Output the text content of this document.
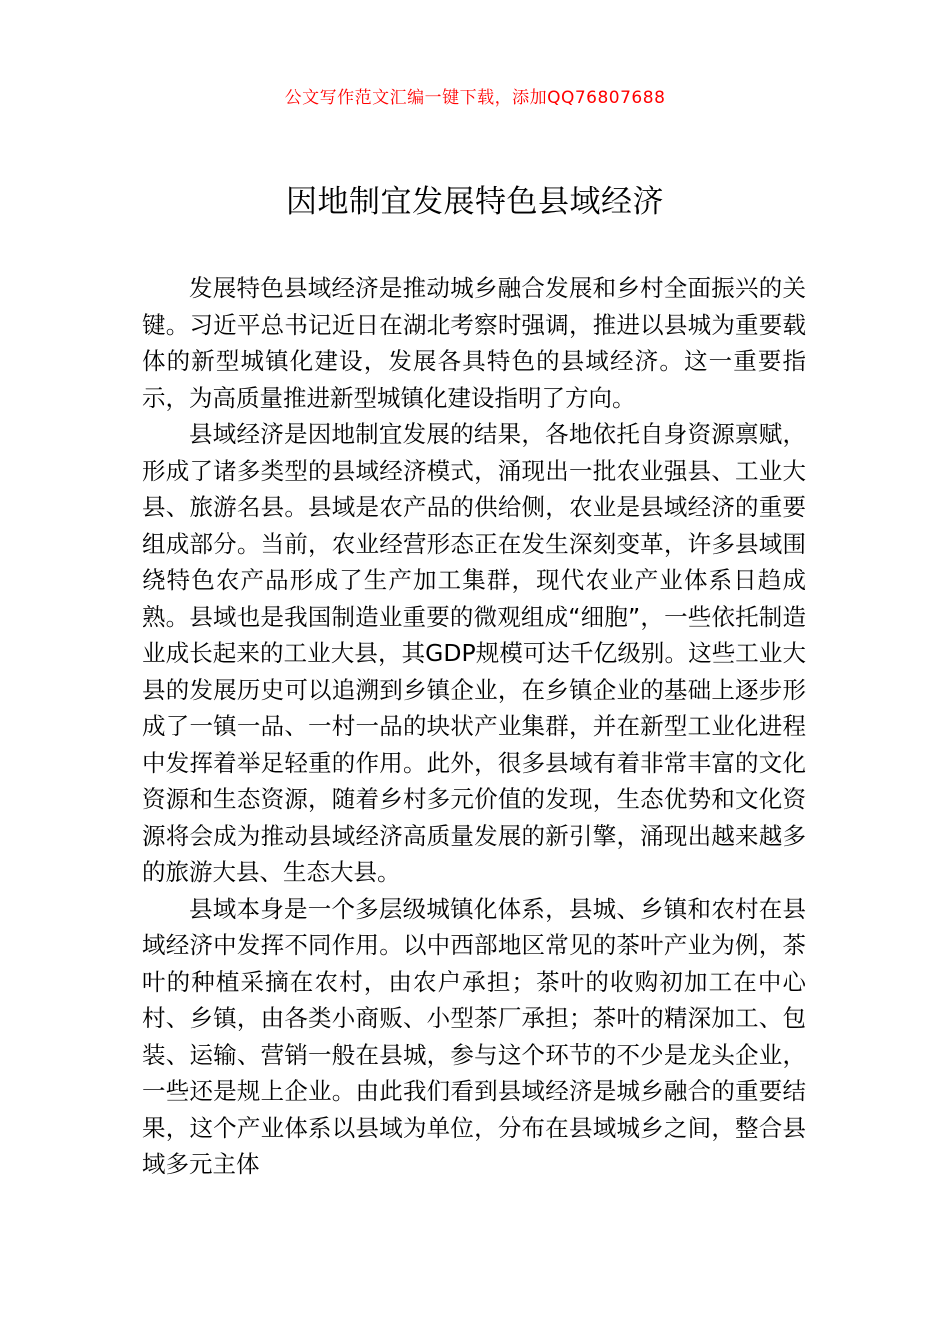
公文写作范文汇编一键下载，添加QQ76807688
因地制宜发展特色县域经济

发展特色县域经济是推动城乡融合发展和乡村全面振兴的关键。习近平总书记近日在湖北考察时强调，推进以县城为重要载体的新型城镇化建设，发展各具特色的县域经济。这一重要指示，为高质量推进新型城镇化建设指明了方向。

县域经济是因地制宜发展的结果，各地依托自身资源禀赋，形成了诸多类型的县域经济模式，涌现出一批农业强县、工业大县、旅游名县。县域是农产品的供给侧，农业是县域经济的重要组成部分。当前，农业经营形态正在发生深刻变革，许多县域围绕特色农产品形成了生产加工集群，现代农业产业体系日趋成熟。县域也是我国制造业重要的微观组成“细胞”，一些依托制造业成长起来的工业大县，其GDP规模可达千亿级别。这些工业大县的发展历史可以追溯到乡镇企业，在乡镇企业的基础上逐步形成了一镇一品、一村一品的块状产业集群，并在新型工业化进程中发挥着举足轻重的作用。此外，很多县域有着非常丰富的文化资源和生态资源，随着乡村多元价值的发现，生态优势和文化资源将会成为推动县域经济高质量发展的新引擎，涌现出越来越多的旅游大县、生态大县。

县域本身是一个多层级城镇化体系，县城、乡镇和农村在县域经济中发挥不同作用。以中西部地区常见的茶叶产业为例，茶叶的种植采摘在农村，由农户承担；茶叶的收购初加工在中心村、乡镇，由各类小商贩、小型茶厂承担；茶叶的精深加工、包装、运输、营销一般在县城，参与这个环节的不少是龙头企业，一些还是规上企业。由此我们看到县域经济是城乡融合的重要结果，这个产业体系以县域为单位，分布在县域城乡之间，整合县域多元主体
